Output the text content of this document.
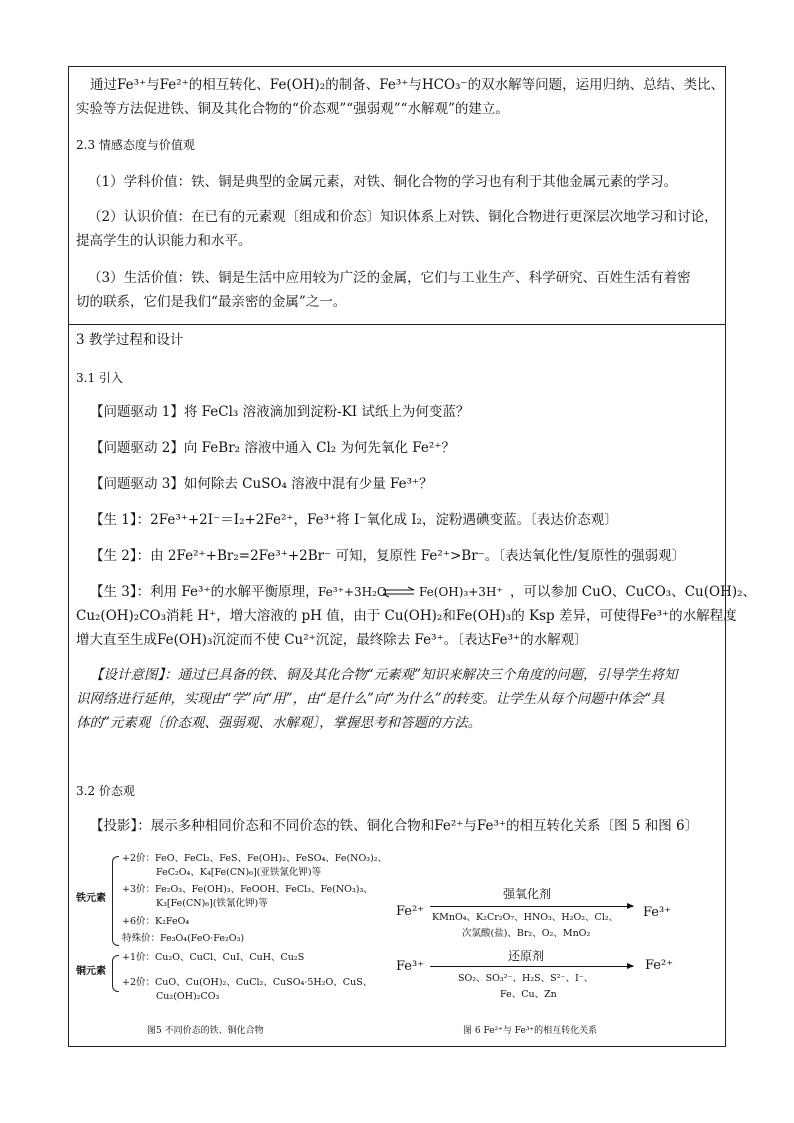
通过Fe³⁺与Fe²⁺的相互转化、Fe(OH)₂的制备、Fe³⁺与HCO₃⁻的双水解等问题，运用归纳、总结、类比、
实验等方法促进铁、铜及其化合物的“价态观”“强弱观”“水解观”的建立。
2.3 情感态度与价值观
（1）学科价值：铁、铜是典型的金属元素，对铁、铜化合物的学习也有利于其他金属元素的学习。
（2）认识价值：在已有的元素观〔组成和价态〕知识体系上对铁、铜化合物进行更深层次地学习和讨论，
提高学生的认识能力和水平。
（3）生活价值：铁、铜是生活中应用较为广泛的金属，它们与工业生产、科学研究、百姓生活有着密
切的联系，它们是我们“最亲密的金属”之一。
3 教学过程和设计
3.1 引入
【问题驱动 1】将 FeCl₃ 溶液滴加到淀粉-KI 试纸上为何变蓝？
【问题驱动 2】向 FeBr₂ 溶液中通入 Cl₂ 为何先氧化 Fe²⁺？
【问题驱动 3】如何除去 CuSO₄ 溶液中混有少量 Fe³⁺？
【生 1】：2Fe³⁺+2I⁻＝I₂+2Fe²⁺，Fe³⁺将 I⁻氧化成 I₂，淀粉遇碘变蓝。〔表达价态观〕
【生 2】：由 2Fe²⁺+Br₂=2Fe³⁺+2Br⁻ 可知，复原性 Fe²⁺>Br⁻。〔表达氧化性/复原性的强弱观〕
【生 3】：利用 Fe³⁺的水解平衡原理， Fe³⁺+3H₂O ⇌ Fe(OH)₃+3H⁺ ，可以参加 CuO、CuCO₃、Cu(OH)₂、
Cu₂(OH)₂CO₃消耗 H⁺，增大溶液的 pH 值，由于 Cu(OH)₂和Fe(OH)₃的 Ksp 差异，可使得Fe³⁺的水解程度
增大直至生成Fe(OH)₃沉淀而不使 Cu²⁺沉淀，最终除去 Fe³⁺。〔表达Fe³⁺的水解观〕
【设计意图】：通过已具备的铁、铜及其化合物“元素观”知识来解决三个角度的问题，引导学生将知
识网络进行延伸，实现由“学”向“用”，由“是什么”向“为什么”的转变。让学生从每个问题中体会“具
体的”元素观〔价态观、强弱观、水解观〕，掌握思考和答题的方法。
3.2 价态观
【投影】：展示多种相同价态和不同价态的铁、铜化合物和Fe²⁺与Fe³⁺的相互转化关系〔图 5 和图 6〕
铁元素
+2价：FeO、FeCl₂、FeS、Fe(OH)₂、FeSO₄、Fe(NO₃)₂、
FeC₂O₄、K₄[Fe(CN)₆](亚铁氰化钾)等
+3价：Fe₂O₃、Fe(OH)₃、FeOOH、FeCl₃、Fe(NO₃)₃、
K₃[Fe(CN)₆](铁氰化钾)等
+6价：K₂FeO₄
特殊价：Fe₃O₄(FeO·Fe₂O₃)
铜元素
+1价：Cu₂O、CuCl、CuI、CuH、Cu₂S
+2价：CuO、Cu(OH)₂、CuCl₂、CuSO₄·5H₂O、CuS、
Cu₂(OH)₂CO₃
图5 不同价态的铁、铜化合物
Fe²⁺
强氧化剂
Fe³⁺
KMnO₄、K₂Cr₂O₇、HNO₃、H₂O₂、Cl₂、
次氯酸(盐)、Br₂、O₂、MnO₂
Fe³⁺
还原剂
Fe²⁺
SO₂、SO₃²⁻、H₂S、S²⁻、I⁻、
Fe、Cu、Zn
图 6 Fe²⁺与 Fe³⁺的相互转化关系
